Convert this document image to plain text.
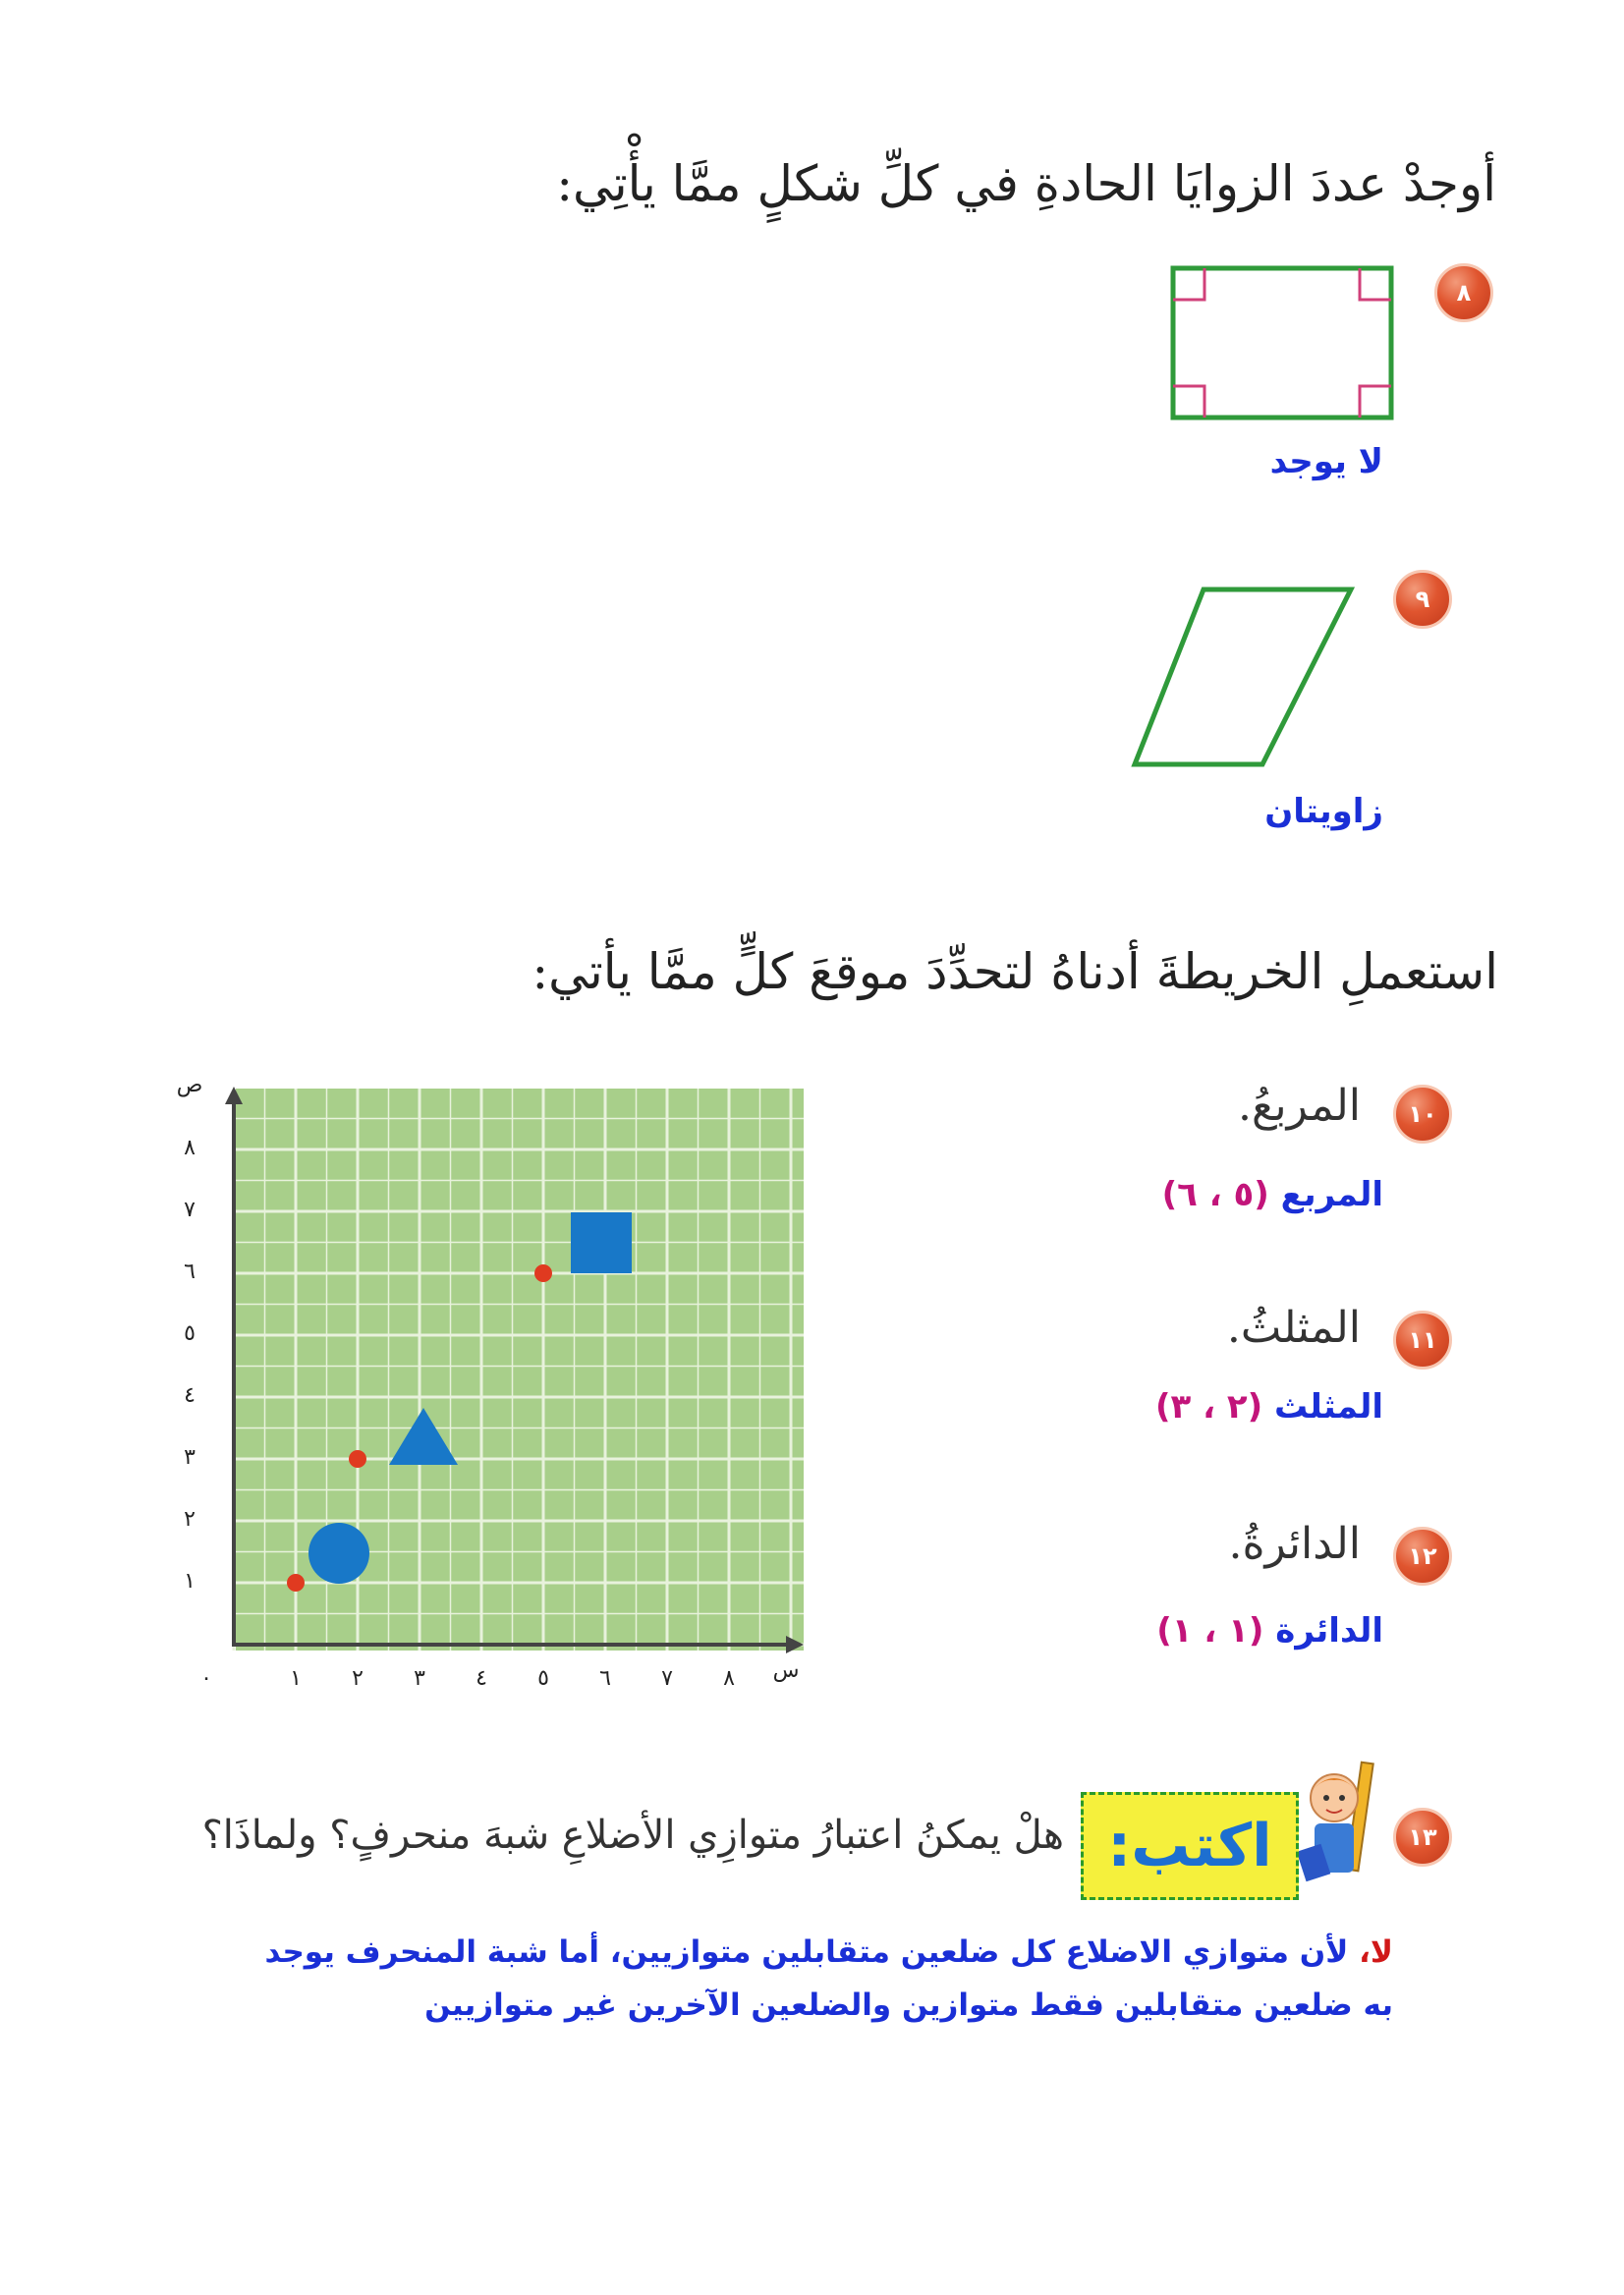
أوجدْ عددَ الزوايَا الحادةِ في كلِّ شكلٍ ممَّا يأْتِي:
٨
لا يوجد
٩
زاويتان
استعملِ الخريطةَ أدناهُ لتحدِّدَ موقعَ كلٍّ ممَّا يأتي:
٠	١	٢	٣	٤	٥	٦	٧	٨
١
٢
٣
٤
٥
٦
٧
٨
س
ص
١٠
المربعُ.
المربع (٥ ، ٦)
١١
المثلثُ.
المثلث (٢ ، ٣)
١٢
الدائرةُ.
الدائرة (١ ، ١)
١٣
اكتب:
هلْ يمكنُ اعتبارُ متوازِي الأضلاعِ شبهَ منحرفٍ؟ ولماذَا؟
لا، لأن متوازي الاضلاع كل ضلعين متقابلين متوازيين، أما شبة المنحرف يوجد
به ضلعين متقابلين فقط متوازين والضلعين الآخرين غير متوازيين
